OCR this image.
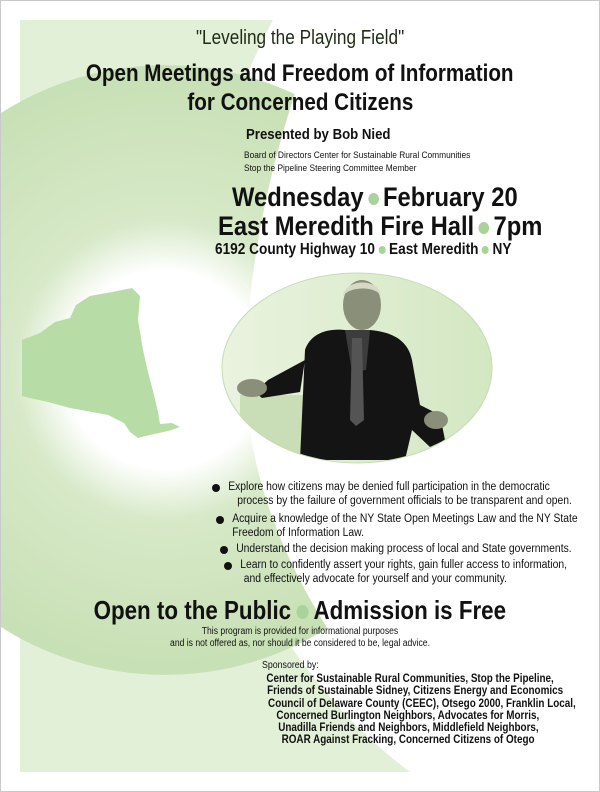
"Leveling the Playing Field"
Open Meetings and Freedom of Information
for Concerned Citizens
Presented by Bob Nied
Board of Directors Center for Sustainable Rural Communities
Stop the Pipeline Steering Committee Member
Wednesday February 20
East Meredith Fire Hall 7pm
6192 County Highway 10 East Meredith NY
Explore how citizens may be denied full participation in the democratic
process by the failure of government officials to be transparent and open.
Acquire a knowledge of the NY State Open Meetings Law and the NY State
Freedom of Information Law.
Understand the decision making process of local and State governments.
Learn to confidently assert your rights, gain fuller access to information,
and effectively advocate for yourself and your community.
Open to the Public Admission is Free
This program is provided for informational purposes
and is not offered as, nor should it be considered to be, legal advice.
Sponsored by:
Center for Sustainable Rural Communities, Stop the Pipeline,
Friends of Sustainable Sidney, Citizens Energy and Economics
Council of Delaware County (CEEC), Otsego 2000, Franklin Local,
Concerned Burlington Neighbors, Advocates for Morris,
Unadilla Friends and Neighbors, Middlefield Neighbors,
ROAR Against Fracking, Concerned Citizens of Otego
